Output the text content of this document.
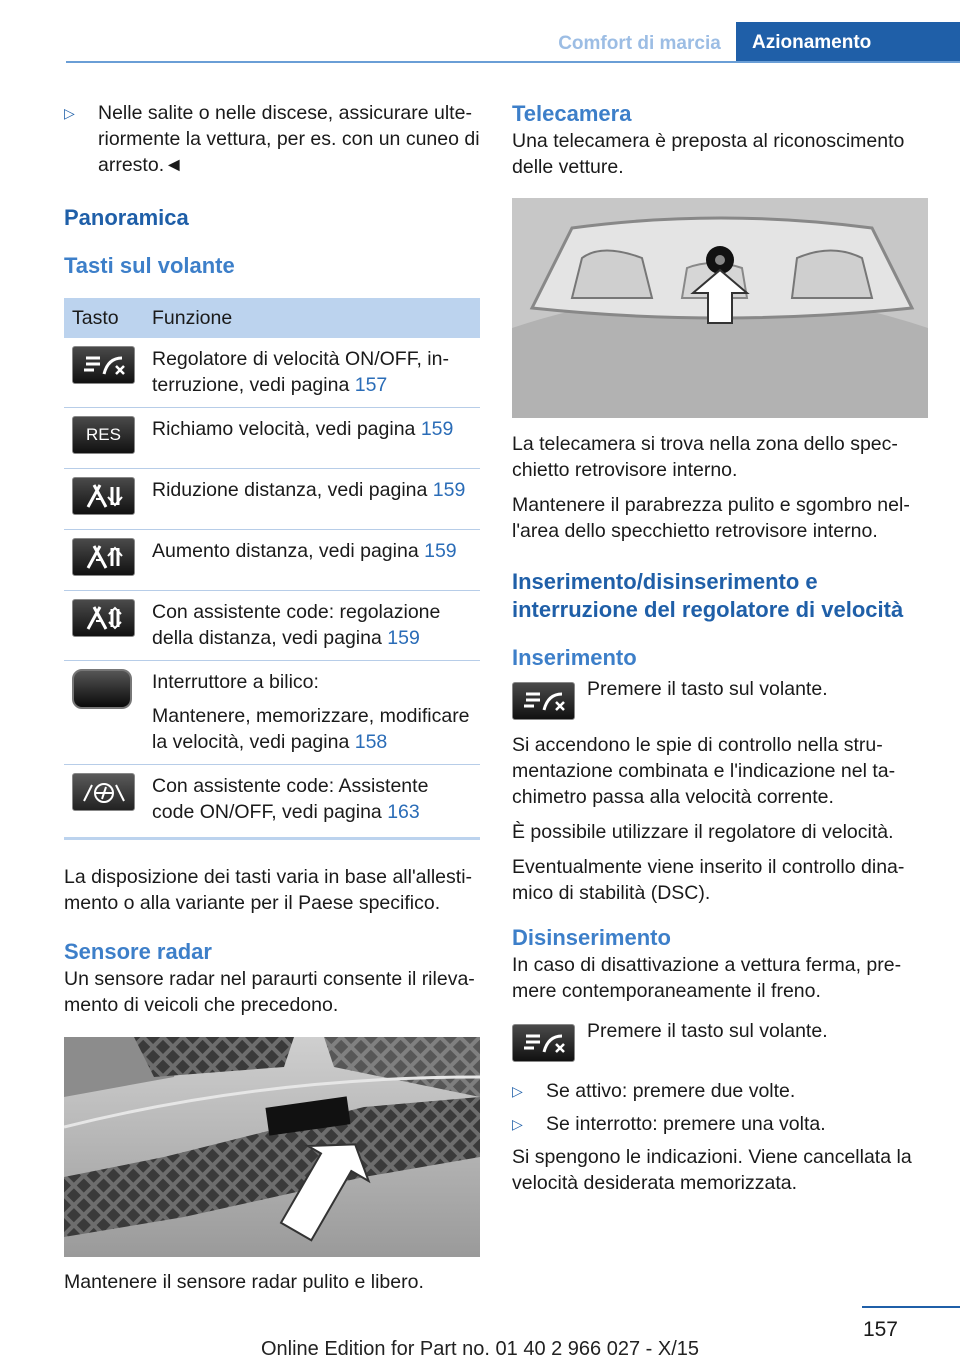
Comfort di marcia	Azionamento
▷	Nelle salite o nelle discese, assicurare ulteriormente la vettura, per es. con un cuneo di arresto.◄
Panoramica
Tasti sul volante
Tasto	Funzione

	Regolatore di velocità ON/OFF, interruzione, vedi pagina 157

RES	Richiamo velocità, vedi pagina 159

	Riduzione distanza, vedi pagina 159

	Aumento distanza, vedi pagina 159

	Con assistente code: regolazione della distanza, vedi pagina 159

	Interruttore a bilico:
Mantenere, memorizzare, modificare la velocità, vedi pagina 158

	Con assistente code: Assistente code ON/OFF, vedi pagina 163
La disposizione dei tasti varia in base all'allestimento o alla variante per il Paese specifico.
Sensore radar
Un sensore radar nel paraurti consente il rilevamento di veicoli che precedono.
Mantenere il sensore radar pulito e libero.
Telecamera
Una telecamera è preposta al riconoscimento delle vetture.
La telecamera si trova nella zona dello specchietto retrovisore interno.
Mantenere il parabrezza pulito e sgombro nell'area dello specchietto retrovisore interno.
Inserimento/disinserimento e interruzione del regolatore di velocità
Inserimento
Premere il tasto sul volante.
Si accendono le spie di controllo nella strumentazione combinata e l'indicazione nel tachimetro passa alla velocità corrente.
È possibile utilizzare il regolatore di velocità.
Eventualmente viene inserito il controllo dinamico di stabilità (DSC).
Disinserimento
In caso di disattivazione a vettura ferma, premere contemporaneamente il freno.
Premere il tasto sul volante.
▷	Se attivo: premere due volte.
▷	Se interrotto: premere una volta.
Si spengono le indicazioni. Viene cancellata la velocità desiderata memorizzata.
157
Online Edition for Part no. 01 40 2 966 027 - X/15
